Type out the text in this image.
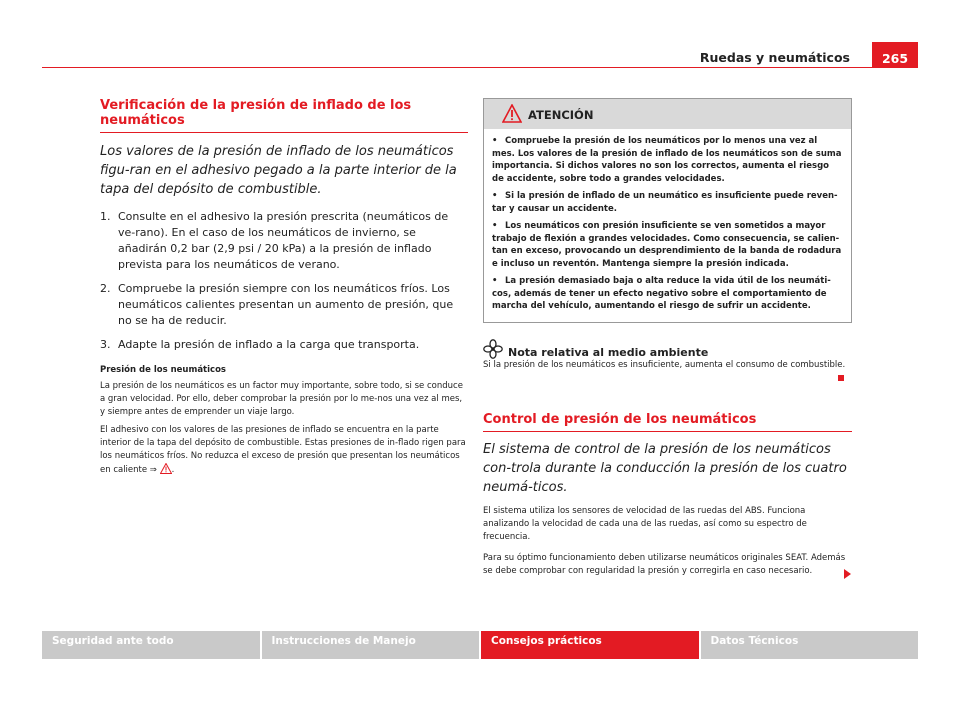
Ruedas y neumáticos	265
Verificación de la presión de inflado de los neumáticos
Los valores de la presión de inflado de los neumáticos figu-ran en el adhesivo pegado a la parte interior de la tapa del depósito de combustible.
1. Consulte en el adhesivo la presión prescrita (neumáticos de ve-rano). En el caso de los neumáticos de invierno, se añadirán 0,2 bar (2,9 psi / 20 kPa) a la presión de inflado prevista para los neumáticos de verano.
2. Compruebe la presión siempre con los neumáticos fríos. Los neumáticos calientes presentan un aumento de presión, que no se ha de reducir.
3. Adapte la presión de inflado a la carga que transporta.
Presión de los neumáticos
La presión de los neumáticos es un factor muy importante, sobre todo, si se conduce a gran velocidad. Por ello, deber comprobar la presión por lo me-nos una vez al mes, y siempre antes de emprender un viaje largo.
El adhesivo con los valores de las presiones de inflado se encuentra en la parte interior de la tapa del depósito de combustible. Estas presiones de in-flado rigen para los neumáticos fríos. No reduzca el exceso de presión que presentan los neumáticos en caliente ⇒ .
ATENCIÓN
• Compruebe la presión de los neumáticos por lo menos una vez al mes. Los valores de la presión de inflado de los neumáticos son de suma importancia. Si dichos valores no son los correctos, aumenta el riesgo de accidente, sobre todo a grandes velocidades.
• Si la presión de inflado de un neumático es insuficiente puede reven-tar y causar un accidente.
• Los neumáticos con presión insuficiente se ven sometidos a mayor trabajo de flexión a grandes velocidades. Como consecuencia, se calien-tan en exceso, provocando un desprendimiento de la banda de rodadura e incluso un reventón. Mantenga siempre la presión indicada.
• La presión demasiado baja o alta reduce la vida útil de los neumáti-cos, además de tener un efecto negativo sobre el comportamiento de marcha del vehículo, aumentando el riesgo de sufrir un accidente.
Nota relativa al medio ambiente
Si la presión de los neumáticos es insuficiente, aumenta el consumo de combustible.
Control de presión de los neumáticos
El sistema de control de la presión de los neumáticos con-trola durante la conducción la presión de los cuatro neumá-ticos.
El sistema utiliza los sensores de velocidad de las ruedas del ABS. Funciona analizando la velocidad de cada una de las ruedas, así como su espectro de frecuencia.
Para su óptimo funcionamiento deben utilizarse neumáticos originales SEAT. Además se debe comprobar con regularidad la presión y corregirla en caso necesario.
Seguridad ante todo	Instrucciones de Manejo	Consejos prácticos	Datos Técnicos
